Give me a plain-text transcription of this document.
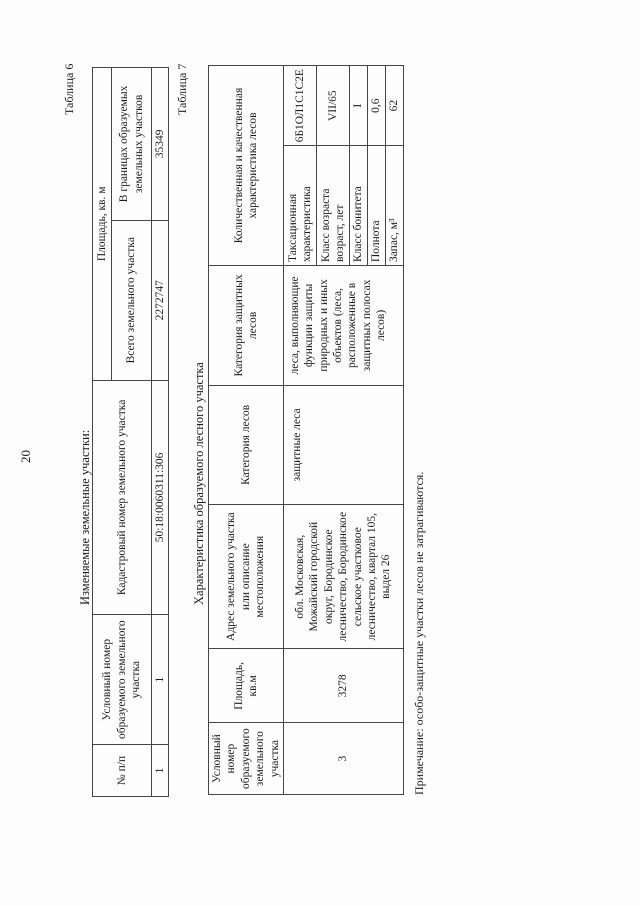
20
Таблица 6
Изменяемые земельные участки:
№ п/п	Условный номер образуемого земельного участка	Кадастровый номер земельного участка	Площадь, кв. м	
			Всего земельного участка	В границах образуемых земельных участков
1	1	50:18:0060311:306	2272747	35349
Таблица 7
Характеристика образуемого лесного участка
Условный номер образуемого земельного участка	Площадь, кв.м	Адрес земельного участка или описание местоположения	Категория лесов	Категория защитных лесов	Количественная и качественная характеристика лесов	
3	3278	обл. Московская, Можайский городской округ, Бородинское лесничество, Бородинское сельское участковое лесничество, квартал 105, выдел 26	защитные леса	леса, выполняющие функции защиты природных и иных объектов (леса, расположенные в защитных полосах лесов)	Таксационная характеристика	6Б1ОЛ1С1С2Е
					Класс возраста возраст, лет	VII/65
					Класс бонитета	I
					Полнота	0,6
					Запас, м³	62
Примечание: особо-защитные участки лесов не затрагиваются.
